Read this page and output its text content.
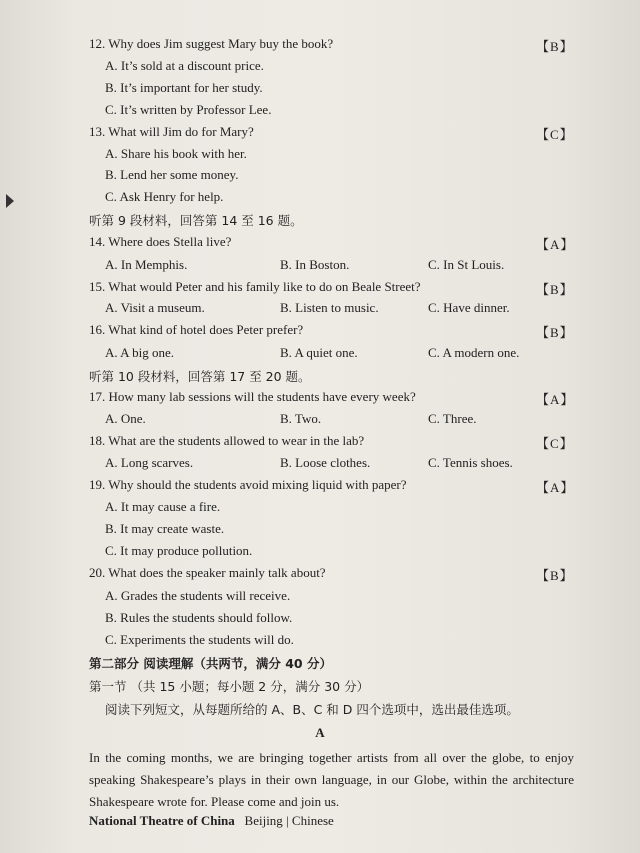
12. Why does Jim suggest Mary buy the book?	【B】
A. It’s sold at a discount price.
B. It’s important for her study.
C. It’s written by Professor Lee.
13. What will Jim do for Mary?	【C】
A. Share his book with her.
B. Lend her some money.
C. Ask Henry for help.
听第 9 段材料，回答第 14 至 16 题。
14. Where does Stella live?	【A】
A. In Memphis.	B. In Boston.	C. In St Louis.
15. What would Peter and his family like to do on Beale Street?	【B】
A. Visit a museum.	B. Listen to music.	C. Have dinner.
16. What kind of hotel does Peter prefer?	【B】
A. A big one.	B. A quiet one.	C. A modern one.
听第 10 段材料，回答第 17 至 20 题。
17. How many lab sessions will the students have every week?	【A】
A. One.	B. Two.	C. Three.
18. What are the students allowed to wear in the lab?	【C】
A. Long scarves.	B. Loose clothes.	C. Tennis shoes.
19. Why should the students avoid mixing liquid with paper?	【A】
A. It may cause a fire.
B. It may create waste.
C. It may produce pollution.
20. What does the speaker mainly talk about?	【B】
A. Grades the students will receive.
B. Rules the students should follow.
C. Experiments the students will do.
第二部分 阅读理解（共两节，满分 40 分）
第一节 （共 15 小题；每小题 2 分，满分 30 分）
阅读下列短文，从每题所给的 A、B、C 和 D 四个选项中，选出最佳选项。
A
In the coming months, we are bringing together artists from all over the globe, to enjoy speaking Shakespeare’s plays in their own language, in our Globe, within the architecture Shakespeare wrote for. Please come and join us.
National Theatre of China Beijing | Chinese
